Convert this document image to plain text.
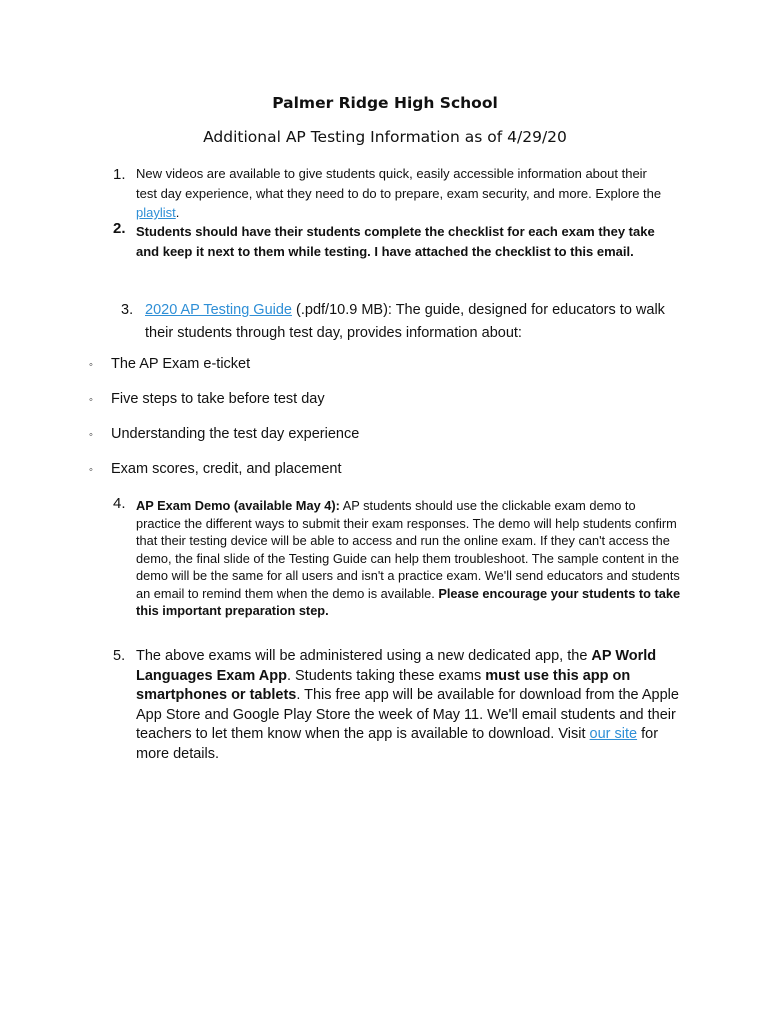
Palmer Ridge High School
Additional AP Testing Information as of 4/29/20
1. New videos are available to give students quick, easily accessible information about their test day experience, what they need to do to prepare, exam security, and more. Explore the playlist.
2. Students should have their students complete the checklist for each exam they take and keep it next to them while testing. I have attached the checklist to this email.
3. 2020 AP Testing Guide (.pdf/10.9 MB): The guide, designed for educators to walk their students through test day, provides information about:
◦ The AP Exam e-ticket
◦ Five steps to take before test day
◦ Understanding the test day experience
◦ Exam scores, credit, and placement
4. AP Exam Demo (available May 4): AP students should use the clickable exam demo to practice the different ways to submit their exam responses. The demo will help students confirm that their testing device will be able to access and run the online exam. If they can't access the demo, the final slide of the Testing Guide can help them troubleshoot. The sample content in the demo will be the same for all users and isn't a practice exam. We'll send educators and students an email to remind them when the demo is available. Please encourage your students to take this important preparation step.
5. The above exams will be administered using a new dedicated app, the AP World Languages Exam App. Students taking these exams must use this app on smartphones or tablets. This free app will be available for download from the Apple App Store and Google Play Store the week of May 11. We'll email students and their teachers to let them know when the app is available to download. Visit our site for more details.
